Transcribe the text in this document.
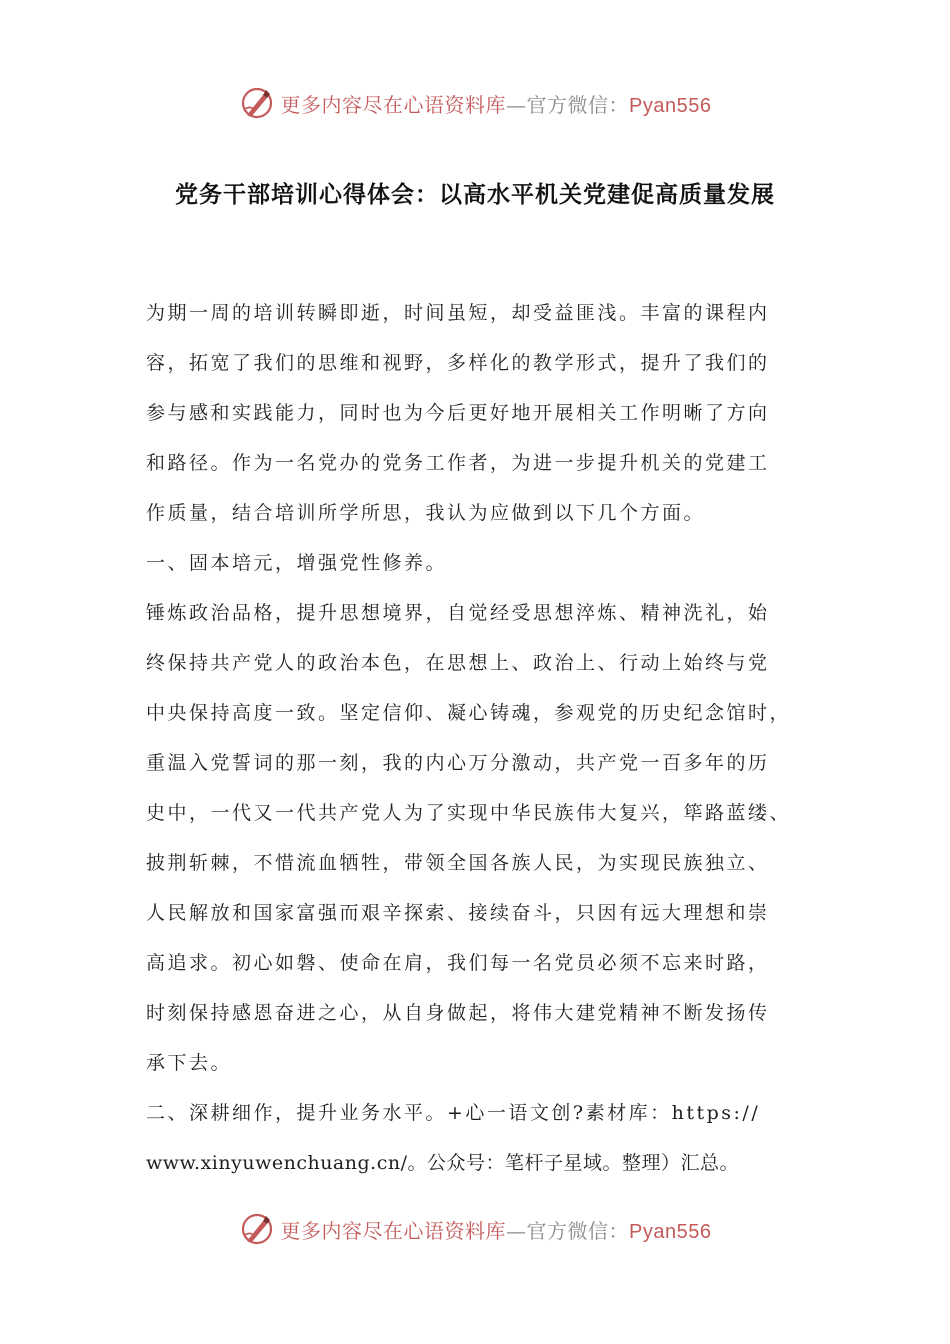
更多内容尽在心语资料库—官方微信：Pyan556
党务干部培训心得体会：以高水平机关党建促高质量发展
为期一周的培训转瞬即逝，时间虽短，却受益匪浅。丰富的课程内
容，拓宽了我们的思维和视野，多样化的教学形式，提升了我们的
参与感和实践能力，同时也为今后更好地开展相关工作明晰了方向
和路径。作为一名党办的党务工作者，为进一步提升机关的党建工
作质量，结合培训所学所思，我认为应做到以下几个方面。
一、固本培元，增强党性修养。
锤炼政治品格，提升思想境界，自觉经受思想淬炼、精神洗礼，始
终保持共产党人的政治本色，在思想上、政治上、行动上始终与党
中央保持高度一致。坚定信仰、凝心铸魂，参观党的历史纪念馆时，
重温入党誓词的那一刻，我的内心万分激动，共产党一百多年的历
史中，一代又一代共产党人为了实现中华民族伟大复兴，筚路蓝缕、
披荆斩棘，不惜流血牺牲，带领全国各族人民，为实现民族独立、
人民解放和国家富强而艰辛探索、接续奋斗，只因有远大理想和崇
高追求。初心如磐、使命在肩，我们每一名党员必须不忘来时路，
时刻保持感恩奋进之心，从自身做起，将伟大建党精神不断发扬传
承下去。
二、深耕细作，提升业务水平。+心一语文创?素材库：https://
www.xinyuwenchuang.cn/。公众号：笔杆子星域。整理）汇总。
更多内容尽在心语资料库—官方微信：Pyan556
